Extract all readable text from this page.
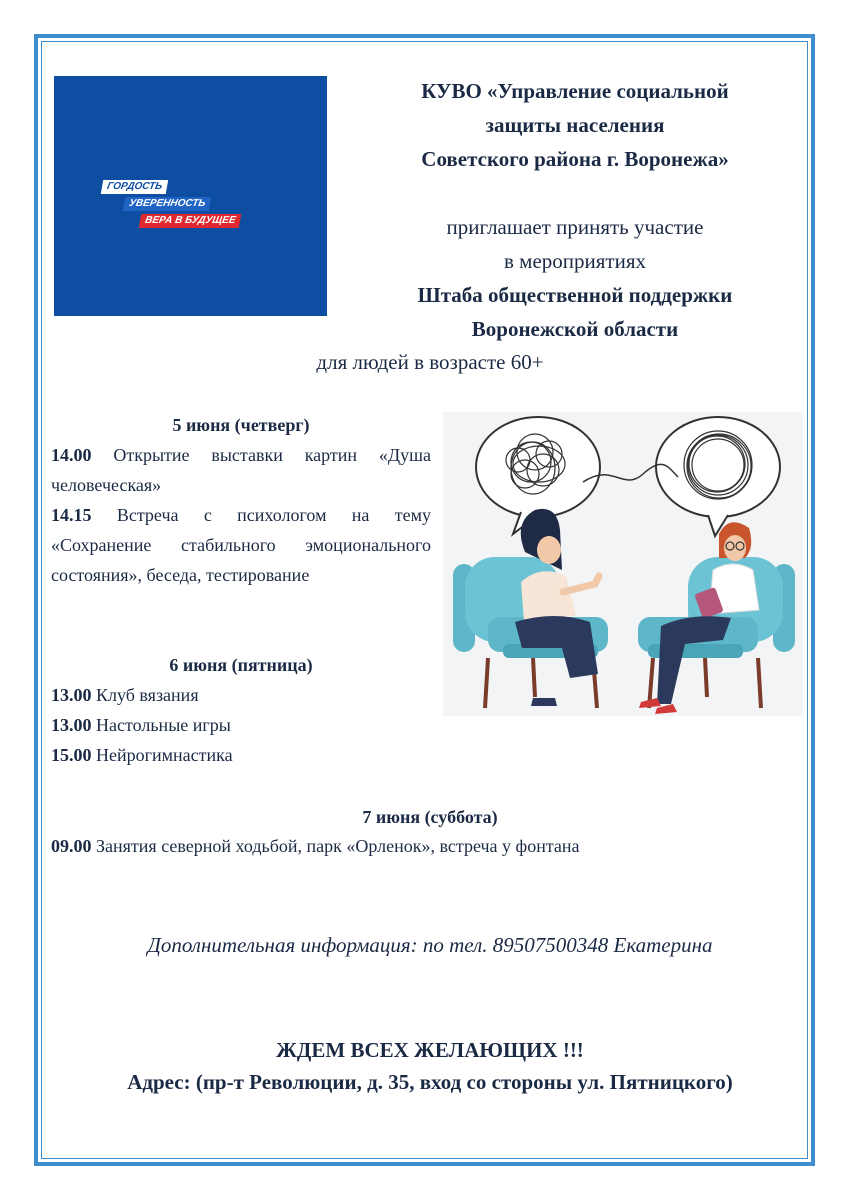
ГОРДОСТЬ
УВЕРЕННОСТЬ
ВЕРА В БУДУЩЕЕ
КУВО «Управление социальной
защиты населения
Советского района г. Воронежа»
приглашает принять участие
в мероприятиях
Штаба общественной поддержки
Воронежской области
для людей в возрасте 60+
5 июня (четверг)

14.00 Открытие выставки картин «Душа человеческая»

14.15 Встреча с психологом на тему «Сохранение стабильного эмоционального состояния», беседа, тестирование

6 июня (пятница)

13.00 Клуб вязания

13.00 Настольные игры

15.00 Нейрогимнастика

7 июня (суббота)

09.00 Занятия северной ходьбой, парк «Орленок», встреча у фонтана

Дополнительная информация: по тел. 89507500348 Екатерина
ЖДЕМ ВСЕХ ЖЕЛАЮЩИХ !!!
Адрес: (пр-т Революции, д. 35, вход со стороны ул. Пятницкого)
